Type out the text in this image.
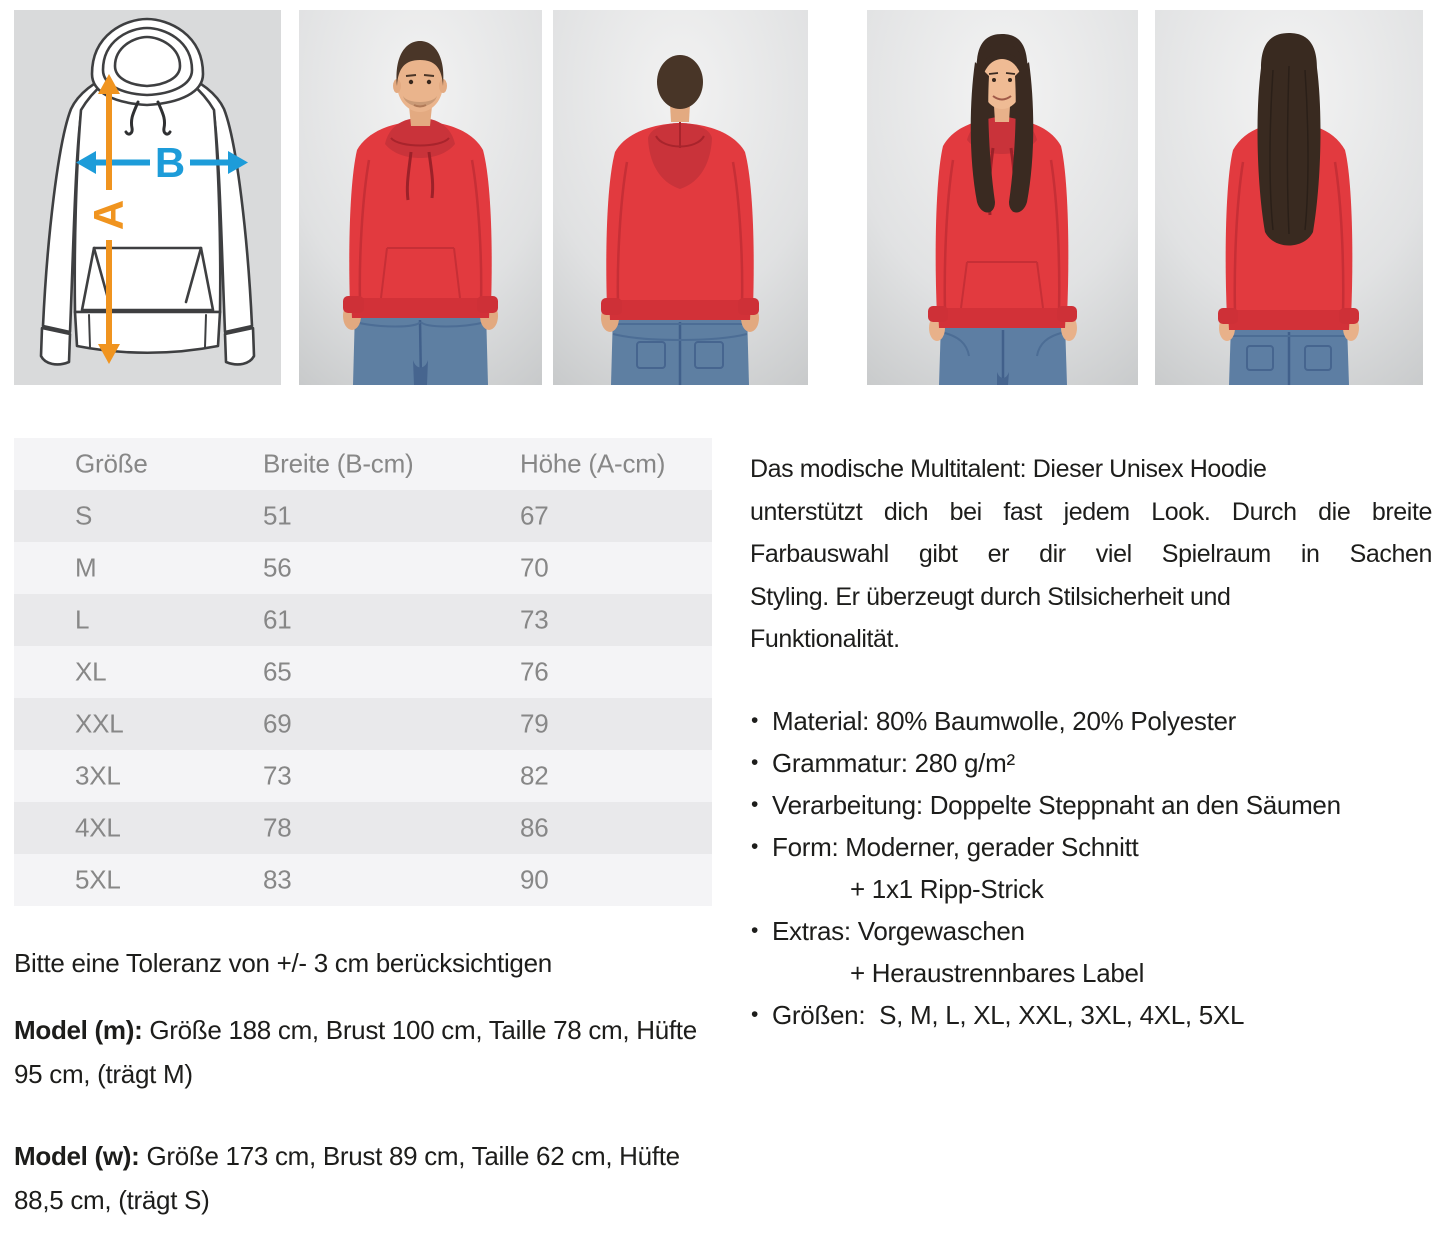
B
A
Größe	Breite (B-cm)	Höhe (A-cm)
S	51	67
M	56	70
L	61	73
XL	65	76
XXL	69	79
3XL	73	82
4XL	78	86
5XL	83	90
Bitte eine Toleranz von +/- 3 cm berücksichtigen
Model (m): Größe 188 cm, Brust 100 cm, Taille 78 cm, Hüfte 95 cm, (trägt M)
Model (w): Größe 173 cm, Brust 89 cm, Taille 62 cm, Hüfte 88,5 cm, (trägt S)
Das modische Multitalent: Dieser Unisex Hoodie
unterstützt dich bei fast jedem Look. Durch die breite
Farbauswahl gibt er dir viel Spielraum in Sachen
Styling. Er überzeugt durch Stilsicherheit und
Funktionalität.
• Material: 80% Baumwolle, 20% Polyester
• Grammatur: 280 g/m²
• Verarbeitung: Doppelte Steppnaht an den Säumen
• Form: Moderner, gerader Schnitt
+ 1x1 Ripp-Strick
• Extras: Vorgewaschen
+ Heraustrennbares Label
• Größen:  S, M, L, XL, XXL, 3XL, 4XL, 5XL
